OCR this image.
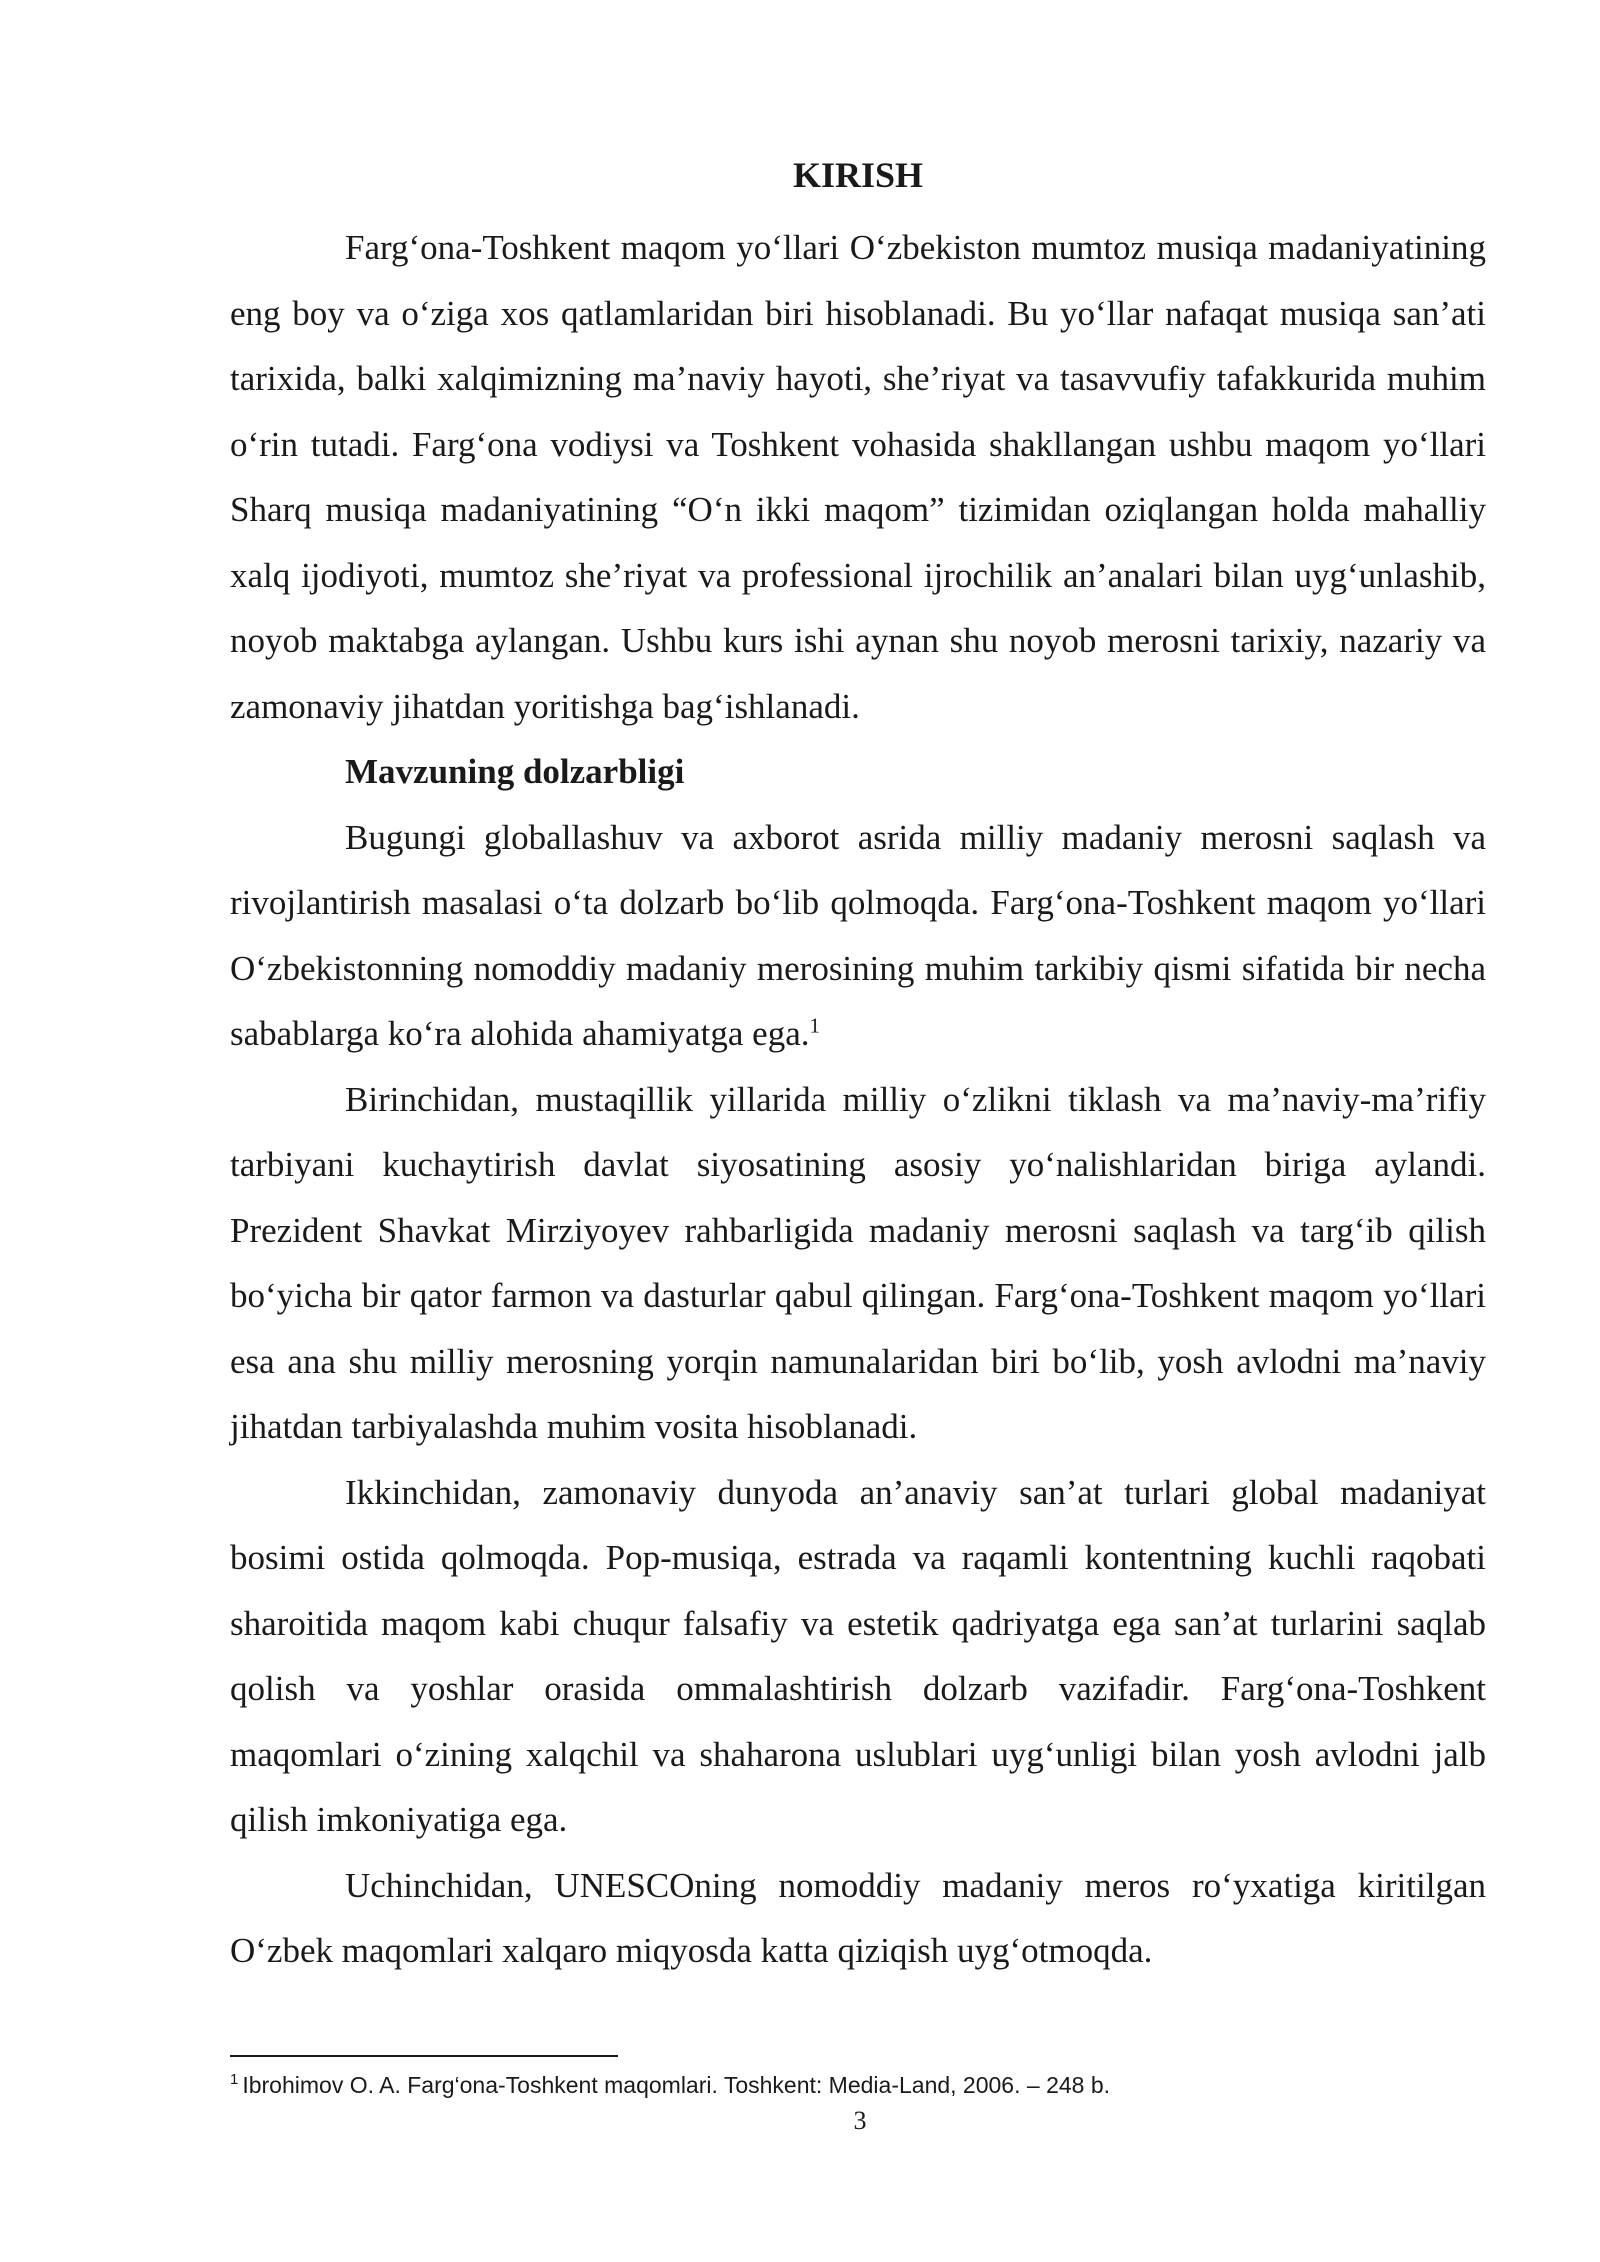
KIRISH

Farg‘ona-Toshkent maqom yo‘llari O‘zbekiston mumtoz musiqa madaniyatining eng boy va o‘ziga xos qatlamlaridan biri hisoblanadi. Bu yo‘llar nafaqat musiqa san’ati tarixida, balki xalqimizning ma’naviy hayoti, she’riyat va tasavvufiy tafakkurida muhim o‘rin tutadi. Farg‘ona vodiysi va Toshkent vohasida shakllangan ushbu maqom yo‘llari Sharq musiqa madaniyatining “O‘n ikki maqom” tizimidan oziqlangan holda mahalliy xalq ijodiyoti, mumtoz she’riyat va professional ijrochilik an’analari bilan uyg‘unlashib, noyob maktabga aylangan. Ushbu kurs ishi aynan shu noyob merosni tarixiy, nazariy va zamonaviy jihatdan yoritishga bag‘ishlanadi.

Mavzuning dolzarbligi

Bugungi globallashuv va axborot asrida milliy madaniy merosni saqlash va rivojlantirish masalasi o‘ta dolzarb bo‘lib qolmoqda. Farg‘ona-Toshkent maqom yo‘llari O‘zbekistonning nomoddiy madaniy merosining muhim tarkibiy qismi sifatida bir necha sabablarga ko‘ra alohida ahamiyatga ega.$^1$

Birinchidan, mustaqillik yillarida milliy o‘zlikni tiklash va ma’naviy-ma’rifiy tarbiyani kuchaytirish davlat siyosatining asosiy yo‘nalishlaridan biriga aylandi. Prezident Shavkat Mirziyoyev rahbarligida madaniy merosni saqlash va targ‘ib qilish bo‘yicha bir qator farmon va dasturlar qabul qilingan. Farg‘ona-Toshkent maqom yo‘llari esa ana shu milliy merosning yorqin namunalaridan biri bo‘lib, yosh avlodni ma’naviy jihatdan tarbiyalashda muhim vosita hisoblanadi.

Ikkinchidan, zamonaviy dunyoda an’anaviy san’at turlari global madaniyat bosimi ostida qolmoqda. Pop-musiqa, estrada va raqamli kontentning kuchli raqobati sharoitida maqom kabi chuqur falsafiy va estetik qadriyatga ega san’at turlarini saqlab qolish va yoshlar orasida ommalashtirish dolzarb vazifadir. Farg‘ona-Toshkent maqomlari o‘zining xalqchil va shaharona uslublari uyg‘unligi bilan yosh avlodni jalb qilish imkoniyatiga ega.

Uchinchidan, UNESCOning nomoddiy madaniy meros ro‘yxatiga kiritilgan O‘zbek maqomlari xalqaro miqyosda katta qiziqish uyg‘otmoqda.

$^1$ Ibrohimov O. A. Farg‘ona-Toshkent maqomlari. Toshkent: Media-Land, 2006. – 248 b.

3
